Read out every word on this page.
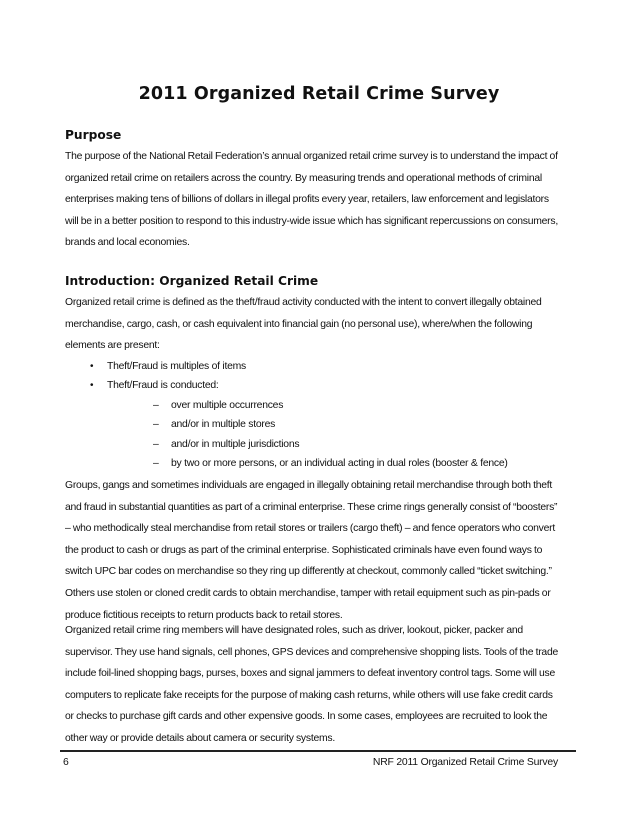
2011 Organized Retail Crime Survey
Purpose

The purpose of the National Retail Federation’s annual organized retail crime survey is to understand the impact of
organized retail crime on retailers across the country. By measuring trends and operational methods of criminal
enterprises making tens of billions of dollars in illegal profits every year, retailers, law enforcement and legislators
will be in a better position to respond to this industry-wide issue which has significant repercussions on consumers,
brands and local economies.

Introduction: Organized Retail Crime

Organized retail crime is defined as the theft/fraud activity conducted with the intent to convert illegally obtained
merchandise, cargo, cash, or cash equivalent into financial gain (no personal use), where/when the following
elements are present:

• Theft/Fraud is multiples of items
• Theft/Fraud is conducted:
– over multiple occurrences
– and/or in multiple stores
– and/or in multiple jurisdictions
– by two or more persons, or an individual acting in dual roles (booster & fence)

Groups, gangs and sometimes individuals are engaged in illegally obtaining retail merchandise through both theft
and fraud in substantial quantities as part of a criminal enterprise. These crime rings generally consist of “boosters”
– who methodically steal merchandise from retail stores or trailers (cargo theft) – and fence operators who convert
the product to cash or drugs as part of the criminal enterprise. Sophisticated criminals have even found ways to
switch UPC bar codes on merchandise so they ring up differently at checkout, commonly called “ticket switching.”
Others use stolen or cloned credit cards to obtain merchandise, tamper with retail equipment such as pin-pads or
produce fictitious receipts to return products back to retail stores.

Organized retail crime ring members will have designated roles, such as driver, lookout, picker, packer and
supervisor. They use hand signals, cell phones, GPS devices and comprehensive shopping lists. Tools of the trade
include foil-lined shopping bags, purses, boxes and signal jammers to defeat inventory control tags. Some will use
computers to replicate fake receipts for the purpose of making cash returns, while others will use fake credit cards
or checks to purchase gift cards and other expensive goods. In some cases, employees are recruited to look the
other way or provide details about camera or security systems.

6	NRF 2011 Organized Retail Crime Survey
